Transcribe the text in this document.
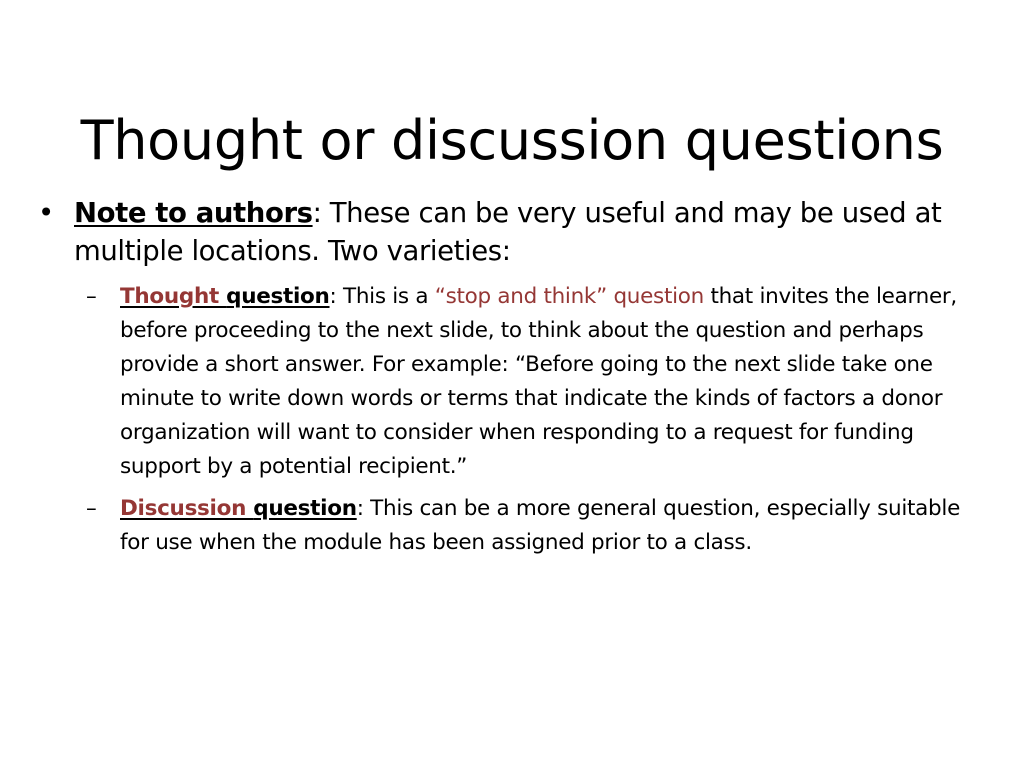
Thought or discussion questions
• Note to authors: These can be very useful and may be used at multiple locations. Two varieties:
– Thought question: This is a “stop and think” question that invites the learner, before proceeding to the next slide, to think about the question and perhaps provide a short answer. For example: “Before going to the next slide take one minute to write down words or terms that indicate the kinds of factors a donor organization will want to consider when responding to a request for funding support by a potential recipient.”
– Discussion question: This can be a more general question, especially suitable for use when the module has been assigned prior to a class.
